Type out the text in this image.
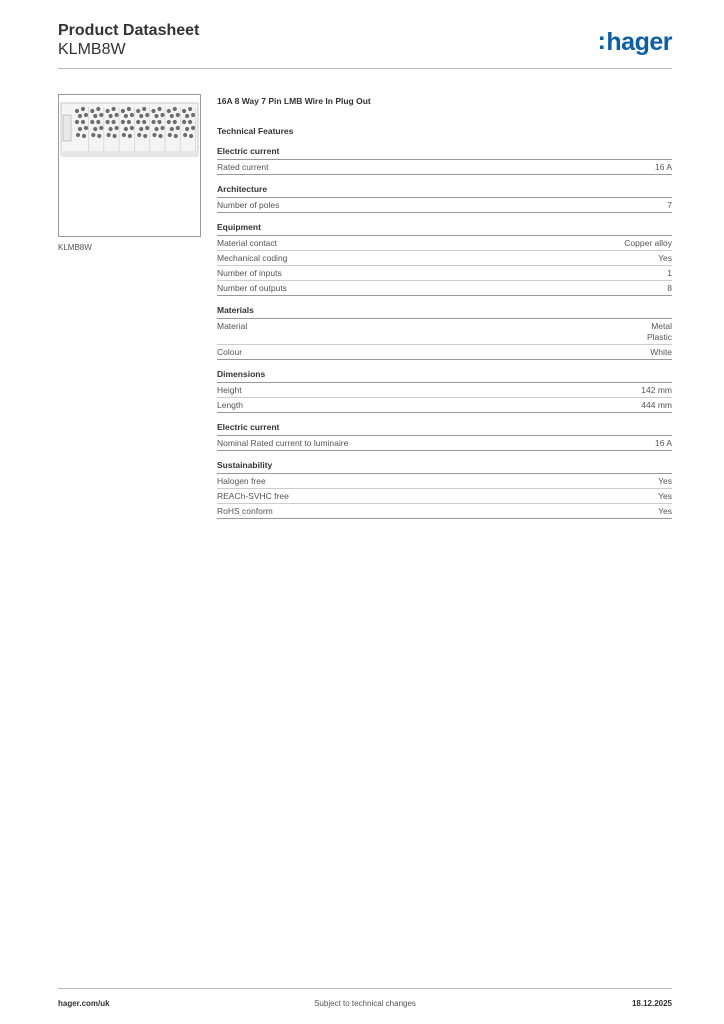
Product Datasheet
KLMB8W	:hager
KLMB8W
16A 8 Way 7 Pin LMB Wire In Plug Out
Technical Features
Electric current
Rated current	16 A
Architecture
Number of poles	7
Equipment
Material contact	Copper alloy
Mechanical coding	Yes
Number of inputs	1
Number of outputs	8
Materials
Material	Metal
Plastic
Colour	White
Dimensions
Height	142 mm
Length	444 mm
Electric current
Nominal Rated current to luminaire	16 A
Sustainability
Halogen free	Yes
REACh-SVHC free	Yes
RoHS conform	Yes
hager.com/uk	Subject to technical changes	18.12.2025
